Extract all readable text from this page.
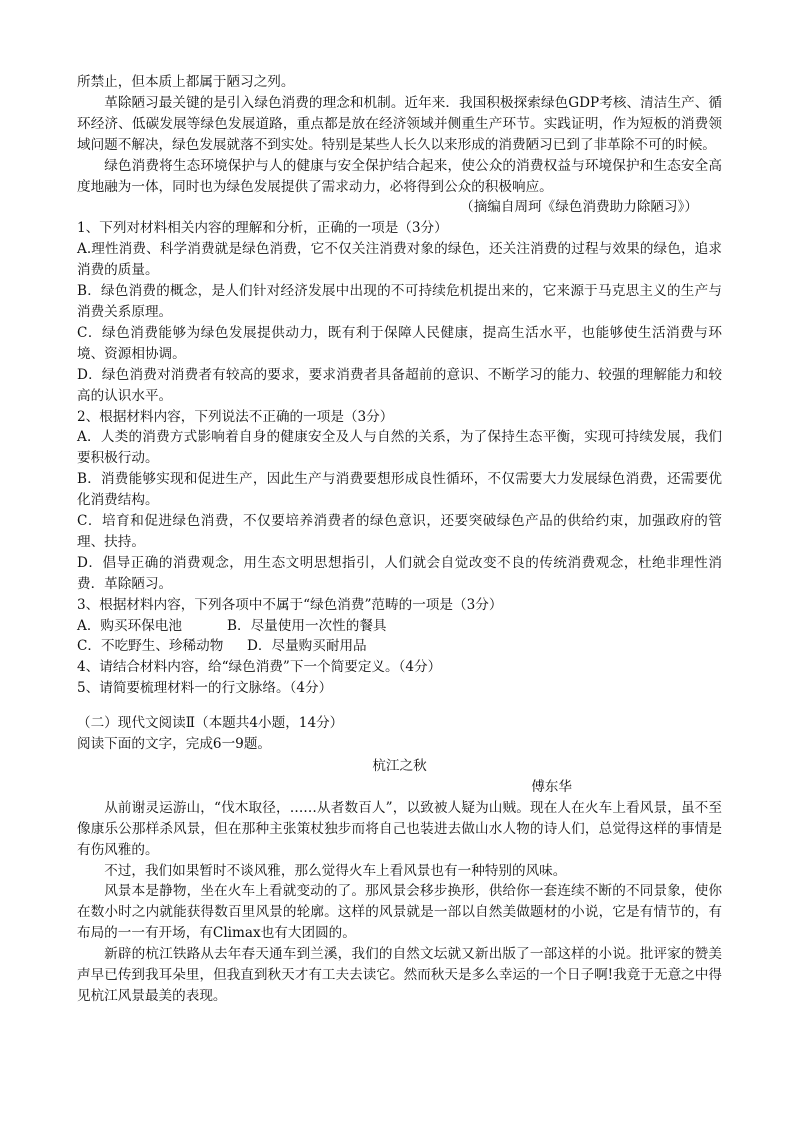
所禁止，但本质上都属于陋习之列。

革除陋习最关键的是引入绿色消费的理念和机制。近年来．我国积极探索绿色GDP考核、清洁生产、循环经济、低碳发展等绿色发展道路，重点都是放在经济领域并侧重生产环节。实践证明，作为短板的消费领域问题不解决，绿色发展就落不到实处。特别是某些人长久以来形成的消费陋习已到了非革除不可的时候。

绿色消费将生态环境保护与人的健康与安全保护结合起来，使公众的消费权益与环境保护和生态安全高度地融为一体，同时也为绿色发展提供了需求动力，必将得到公众的积极响应。

（摘编自周珂《绿色消费助力除陋习》）

1、下列对材料相关内容的理解和分析，正确的一项是（3分）

A.理性消费、科学消费就是绿色消费，它不仅关注消费对象的绿色，还关注消费的过程与效果的绿色，追求消费的质量。

B．绿色消费的概念，是人们针对经济发展中出现的不可持续危机提出来的，它来源于马克思主义的生产与消费关系原理。

C．绿色消费能够为绿色发展提供动力，既有利于保障人民健康，提高生活水平，也能够使生活消费与环境、资源相协调。

D．绿色消费对消费者有较高的要求，要求消费者具备超前的意识、不断学习的能力、较强的理解能力和较高的认识水平。

2、根据材料内容，下列说法不正确的一项是（3分）

A．人类的消费方式影响着自身的健康安全及人与自然的关系，为了保持生态平衡，实现可持续发展，我们要积极行动。

B．消费能够实现和促进生产，因此生产与消费要想形成良性循环，不仅需要大力发展绿色消费，还需要优化消费结构。

C．培育和促进绿色消费，不仅要培养消费者的绿色意识，还要突破绿色产品的供给约束，加强政府的管理、扶持。

D．倡导正确的消费观念，用生态文明思想指引，人们就会自觉改变不良的传统消费观念，杜绝非理性消费．革除陋习。

3、根据材料内容，下列各项中不属于“绿色消费”范畴的一项是（3分）

A．购买环保电池	B．尽量使用一次性的餐具
C．不吃野生、珍稀动物	D．尽量购买耐用品

4、请结合材料内容，给“绿色消费”下一个简要定义。（4分）

5、请简要梳理材料一的行文脉络。（4分）

（二）现代文阅读Ⅱ（本题共4小题，14分）

阅读下面的文字，完成6一9题。

杭江之秋

傅东华

从前谢灵运游山，“伐木取径，……从者数百人”，以致被人疑为山贼。现在人在火车上看风景，虽不至像康乐公那样杀风景，但在那种主张策杖独步而将自己也装进去做山水人物的诗人们，总觉得这样的事情是有伤风雅的。

不过，我们如果暂时不谈风雅，那么觉得火车上看风景也有一种特别的风味。

风景本是静物，坐在火车上看就变动的了。那风景会移步换形，供给你一套连续不断的不同景象，使你在数小时之内就能获得数百里风景的轮廓。这样的风景就是一部以自然美做题材的小说，它是有情节的，有布局的一一有开场，有Climax也有大团圆的。

新辟的杭江铁路从去年春天通车到兰溪，我们的自然文坛就又新出版了一部这样的小说。批评家的赞美声早已传到我耳朵里，但我直到秋天才有工夫去读它。然而秋天是多么幸运的一个日子啊!我竟于无意之中得见杭江风景最美的表现。
